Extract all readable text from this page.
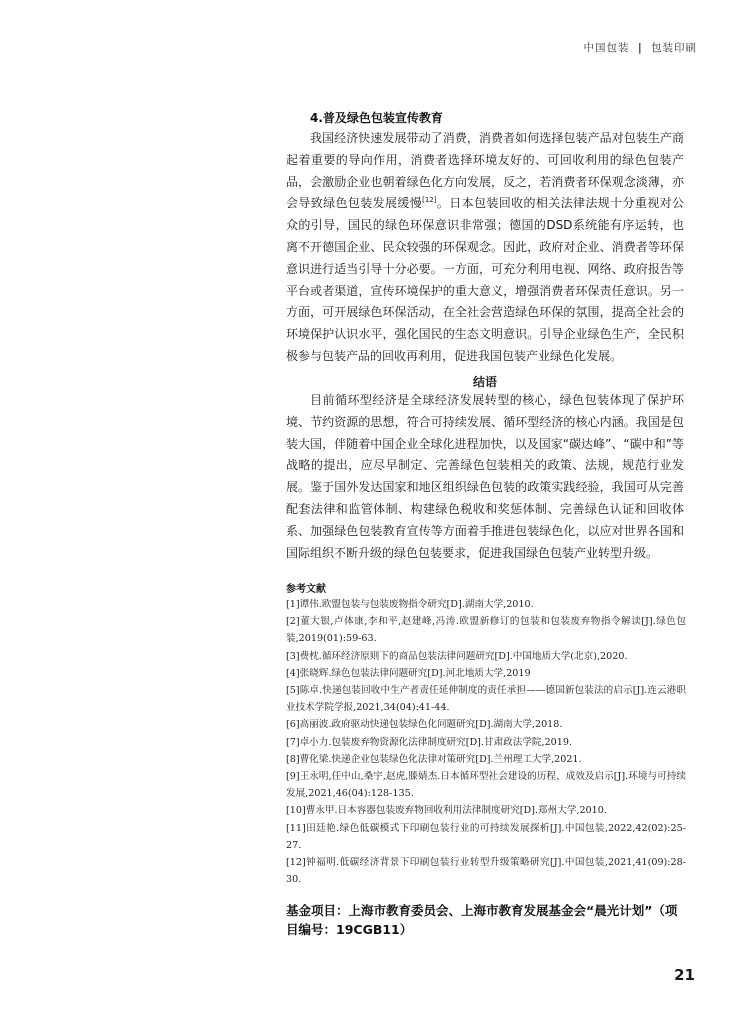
中国包装 | 包装印刷
4.普及绿色包装宣传教育

我国经济快速发展带动了消费，消费者如何选择包装产品对包装生产商起着重要的导向作用，消费者选择环境友好的、可回收利用的绿色包装产品，会激励企业也朝着绿色化方向发展，反之，若消费者环保观念淡薄，亦会导致绿色包装发展缓慢[12]。日本包装回收的相关法律法规十分重视对公众的引导，国民的绿色环保意识非常强；德国的DSD系统能有序运转，也离不开德国企业、民众较强的环保观念。因此，政府对企业、消费者等环保意识进行适当引导十分必要。一方面，可充分利用电视、网络、政府报告等平台或者渠道，宣传环境保护的重大意义，增强消费者环保责任意识。另一方面，可开展绿色环保活动，在全社会营造绿色环保的氛围，提高全社会的环境保护认识水平，强化国民的生态文明意识。引导企业绿色生产，全民积极参与包装产品的回收再利用，促进我国包装产业绿色化发展。

结语

目前循环型经济是全球经济发展转型的核心，绿色包装体现了保护环境、节约资源的思想，符合可持续发展、循环型经济的核心内涵。我国是包装大国，伴随着中国企业全球化进程加快，以及国家“碳达峰”、“碳中和”等战略的提出，应尽早制定、完善绿色包装相关的政策、法规，规范行业发展。鉴于国外发达国家和地区组织绿色包装的政策实践经验，我国可从完善配套法律和监管体制、构建绿色税收和奖惩体制、完善绿色认证和回收体系、加强绿色包装教育宣传等方面着手推进包装绿色化，以应对世界各国和国际组织不断升级的绿色包装要求，促进我国绿色包装产业转型升级。

参考文献
[1]谭伟.欧盟包装与包装废物指令研究[D].湖南大学,2010.
[2]董大银,卢体康,李和平,赵建峰,冯涛.欧盟新修订的包装和包装废弃物指令解读[J].绿色包装,2019(01):59-63.
[3]费枕.循环经济原则下的商品包装法律问题研究[D].中国地质大学(北京),2020.
[4]张晓辉.绿色包装法律问题研究[D].河北地质大学,2019
[5]陈卓.快递包装回收中生产者责任延伸制度的责任承担——德国新包装法的启示[J].连云港职业技术学院学报,2021,34(04):41-44.
[6]高丽波.政府驱动快递包装绿色化问题研究[D].湖南大学,2018.
[7]卓小力.包装废弃物资源化法律制度研究[D].甘肃政法学院,2019.
[8]曹化梁.快递企业包装绿色化法律对策研究[D].兰州理工大学,2021.
[9]王永明,任中山,桑宇,赵虎,滕婧杰.日本循环型社会建设的历程、成效及启示[J].环境与可持续发展,2021,46(04):128-135.
[10]曹永甲.日本容器包装废弃物回收利用法律制度研究[D].郑州大学,2010.
[11]田廷艳.绿色低碳模式下印刷包装行业的可持续发展探析[J].中国包装,2022,42(02):25-27.
[12]钟福明.低碳经济背景下印刷包装行业转型升级策略研究[J].中国包装,2021,41(09):28-30.
基金项目：上海市教育委员会、上海市教育发展基金会“晨光计划”（项目编号：19CGB11）
21
